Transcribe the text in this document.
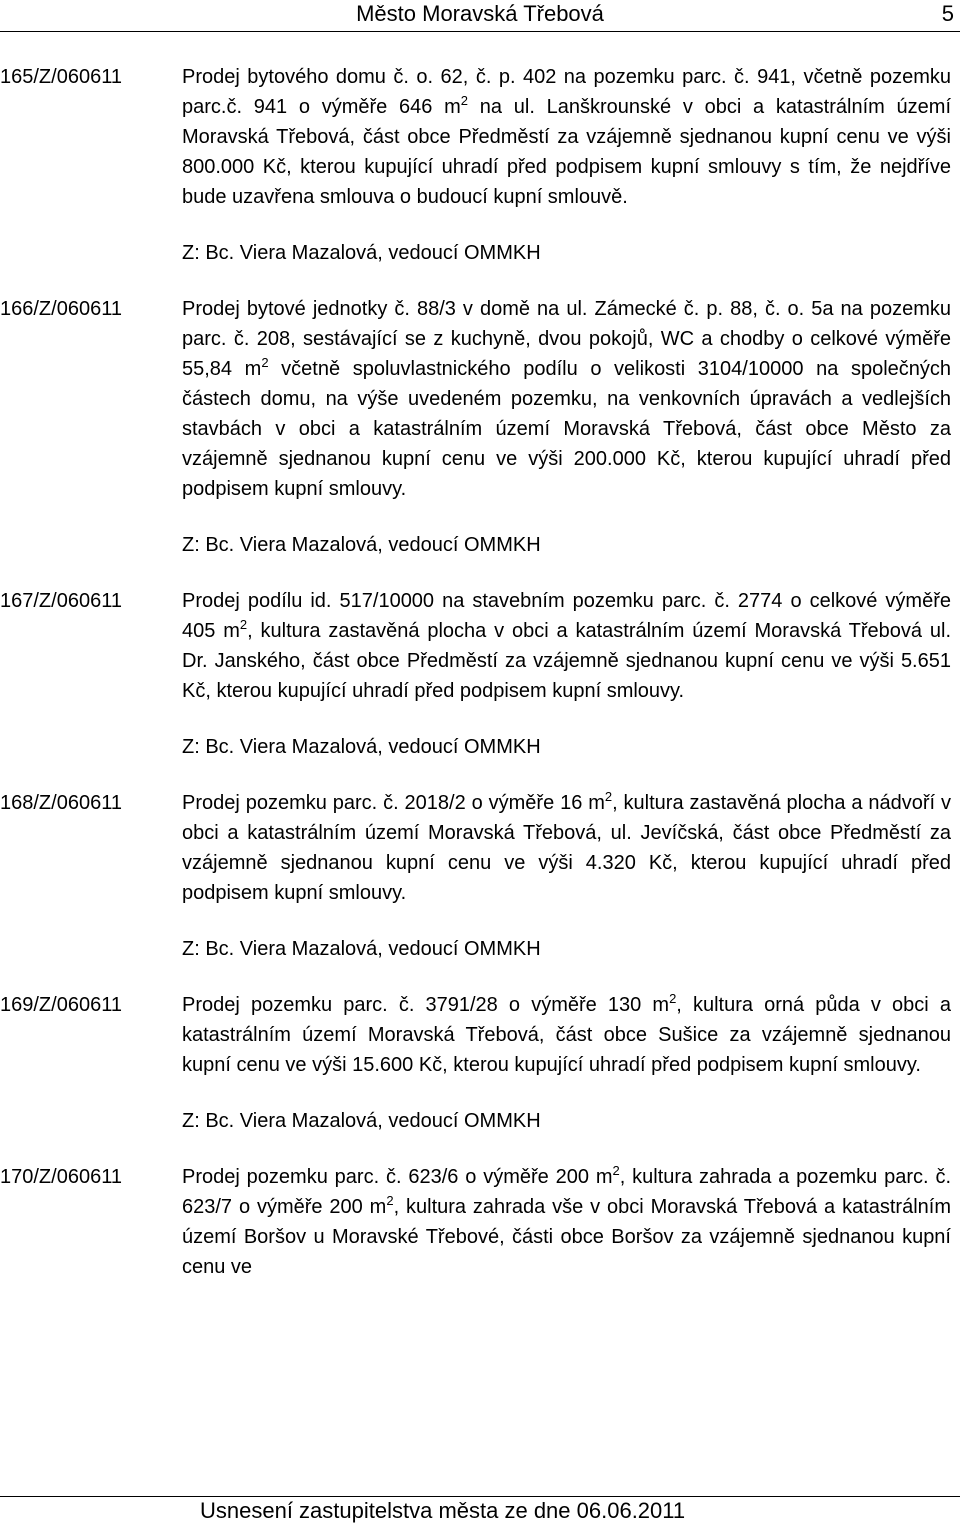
Město Moravská Třebová	5
165/Z/060611	Prodej bytového domu č. o. 62, č. p. 402 na pozemku parc. č. 941, včetně pozemku parc.č. 941 o výměře 646 $m^2$ na ul. Lanškrounské v obci a katastrálním území Moravská Třebová, část obce Předměstí za vzájemně sjednanou kupní cenu ve výši 800.000 Kč, kterou kupující uhradí před podpisem kupní smlouvy s tím, že nejdříve bude uzavřena smlouva o budoucí kupní smlouvě.
Z: Bc. Viera Mazalová, vedoucí OMMKH
166/Z/060611	Prodej bytové jednotky č. 88/3 v domě na ul. Zámecké č. p. 88, č. o. 5a na pozemku parc. č. 208, sestávající se z kuchyně, dvou pokojů, WC a chodby o celkové výměře 55,84 $m^2$ včetně spoluvlastnického podílu o velikosti 3104/10000 na společných částech domu, na výše uvedeném pozemku, na venkovních úpravách a vedlejších stavbách v obci a katastrálním území Moravská Třebová, část obce Město za vzájemně sjednanou kupní cenu ve výši 200.000 Kč, kterou kupující uhradí před podpisem kupní smlouvy.
Z: Bc. Viera Mazalová, vedoucí OMMKH
167/Z/060611	Prodej podílu id. 517/10000 na stavebním pozemku parc. č. 2774 o celkové výměře 405 $m^2$, kultura zastavěná plocha v obci a katastrálním území Moravská Třebová ul. Dr. Janského, část obce Předměstí za vzájemně sjednanou kupní cenu ve výši 5.651 Kč, kterou kupující uhradí před podpisem kupní smlouvy.
Z: Bc. Viera Mazalová, vedoucí OMMKH
168/Z/060611	Prodej pozemku parc. č. 2018/2 o výměře 16 $m^2$, kultura zastavěná plocha a nádvoří v obci a katastrálním území Moravská Třebová, ul. Jevíčská, část obce Předměstí za vzájemně sjednanou kupní cenu ve výši 4.320 Kč, kterou kupující uhradí před podpisem kupní smlouvy.
Z: Bc. Viera Mazalová, vedoucí OMMKH
169/Z/060611	Prodej pozemku parc. č. 3791/28 o výměře 130 $m^2$, kultura orná půda v obci a katastrálním území Moravská Třebová, část obce Sušice za vzájemně sjednanou kupní cenu ve výši 15.600 Kč, kterou kupující uhradí před podpisem kupní smlouvy.
Z: Bc. Viera Mazalová, vedoucí OMMKH
170/Z/060611	Prodej pozemku parc. č. 623/6 o výměře 200 $m^2$, kultura zahrada a pozemku parc. č. 623/7 o výměře 200 $m^2$, kultura zahrada vše v obci Moravská Třebová a katastrálním území Boršov u Moravské Třebové, části obce Boršov za vzájemně sjednanou kupní cenu ve
Usnesení zastupitelstva města ze dne 06.06.2011
